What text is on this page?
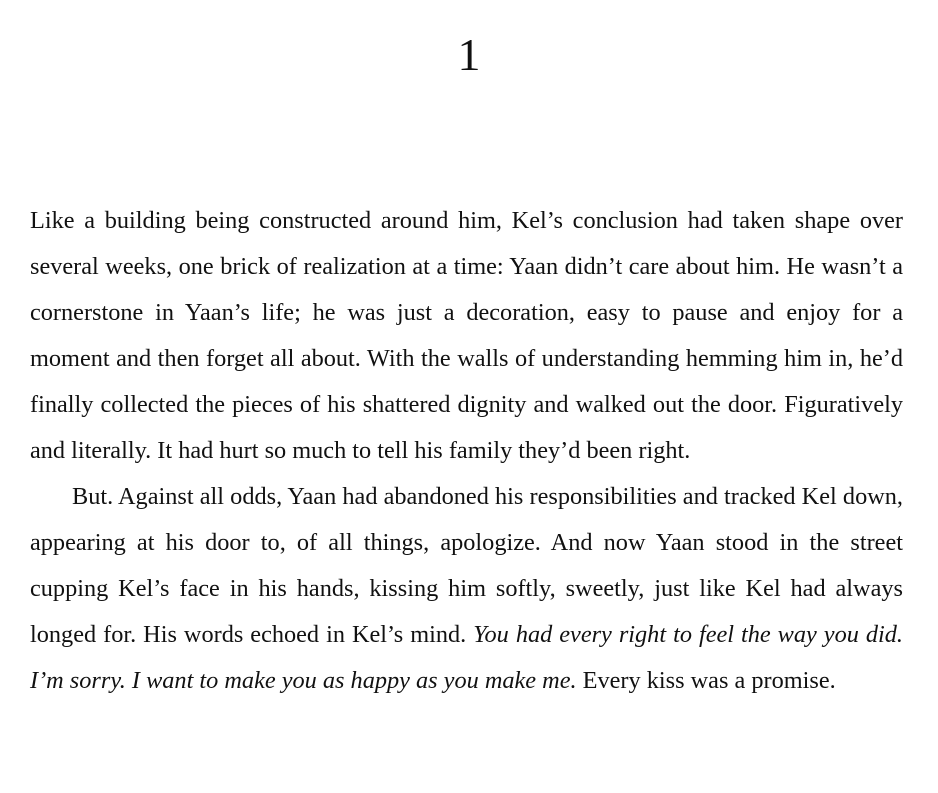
1

Like a building being constructed around him, Kel’s conclusion had taken shape over several weeks, one brick of realization at a time: Yaan didn’t care about him. He wasn’t a cornerstone in Yaan’s life; he was just a decoration, easy to pause and enjoy for a moment and then forget all about. With the walls of understanding hemming him in, he’d finally collected the pieces of his shattered dignity and walked out the door. Figuratively and literally. It had hurt so much to tell his family they’d been right.

But. Against all odds, Yaan had abandoned his responsibilities and tracked Kel down, appearing at his door to, of all things, apologize. And now Yaan stood in the street cupping Kel’s face in his hands, kissing him softly, sweetly, just like Kel had always longed for. His words echoed in Kel’s mind. You had every right to feel the way you did. I’m sorry. I want to make you as happy as you make me. Every kiss was a promise.
